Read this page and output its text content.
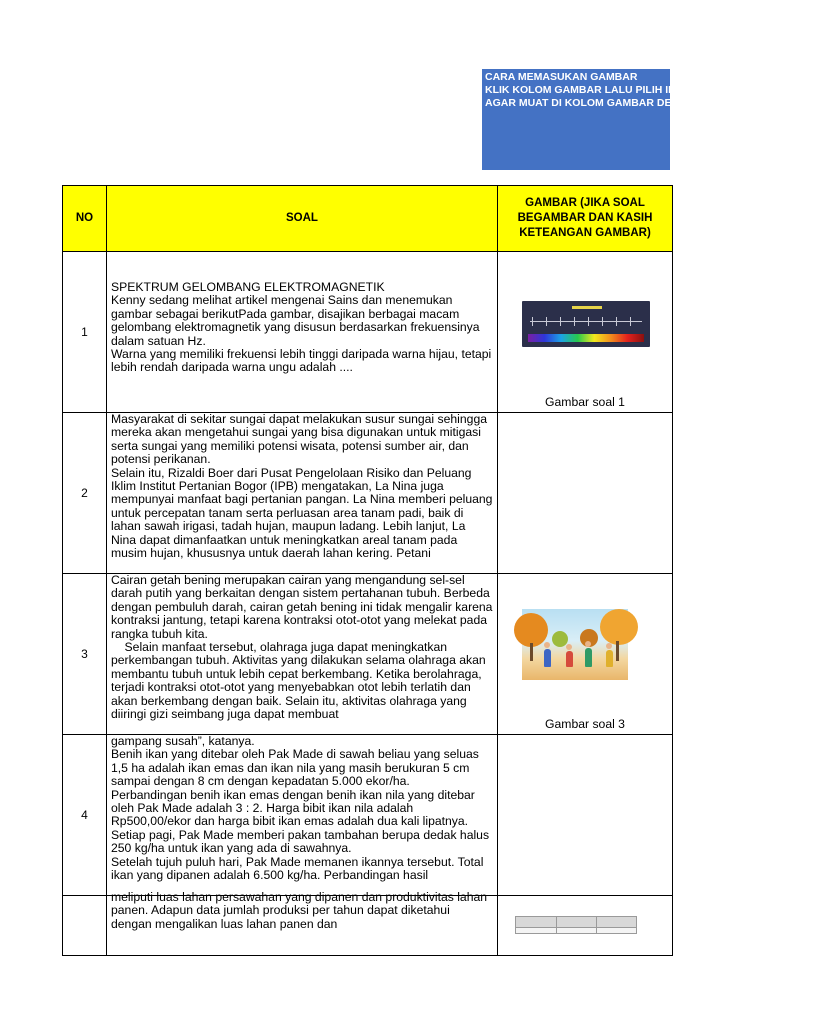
CARA MEMASUKAN GAMBAR
KLIK KOLOM GAMBAR LALU PILIH INSERT - PICTURE
AGAR MUAT DI KOLOM GAMBAR DENGAN UKURAN YANG SESUAI
NO	SOAL	GAMBAR (JIKA SOAL BEGAMBAR DAN KASIH KETEANGAN GAMBAR)
1	SPEKTRUM GELOMBANG ELEKTROMAGNETIK

Kenny sedang melihat artikel mengenai Sains dan menemukan gambar sebagai berikutPada gambar, disajikan berbagai macam gelombang elektromagnetik yang disusun berdasarkan frekuensinya dalam satuan Hz.

Warna yang memiliki frekuensi lebih tinggi daripada warna hijau, tetapi lebih rendah daripada warna ungu adalah ....	Gambar soal 1

2	Masyarakat di sekitar sungai dapat melakukan susur sungai sehingga mereka akan mengetahui sungai yang bisa digunakan untuk mitigasi serta sungai yang memiliki potensi wisata, potensi sumber air, dan potensi perikanan.

Selain itu, Rizaldi Boer dari Pusat Pengelolaan Risiko dan Peluang Iklim Institut Pertanian Bogor (IPB) mengatakan, La Nina juga mempunyai manfaat bagi pertanian pangan. La Nina memberi peluang untuk percepatan tanam serta perluasan area tanam padi, baik di lahan sawah irigasi, tadah hujan, maupun ladang. Lebih lanjut, La Nina dapat dimanfaatkan untuk meningkatkan areal tanam pada musim hujan, khususnya untuk daerah lahan kering. Petani	

3	Cairan getah bening merupakan cairan yang mengandung sel-sel darah putih yang berkaitan dengan sistem pertahanan tubuh. Berbeda dengan pembuluh darah, cairan getah bening ini tidak mengalir karena kontraksi jantung, tetapi karena kontraksi otot-otot yang melekat pada rangka tubuh kita.

Selain manfaat tersebut, olahraga juga dapat meningkatkan perkembangan tubuh. Aktivitas yang dilakukan selama olahraga akan membantu tubuh untuk lebih cepat berkembang. Ketika berolahraga, terjadi kontraksi otot-otot yang menyebabkan otot lebih terlatih dan akan berkembang dengan baik. Selain itu, aktivitas olahraga yang diiringi gizi seimbang juga dapat membuat	Gambar soal 3

4	gampang susah”, katanya.

Benih ikan yang ditebar oleh Pak Made di sawah beliau yang seluas 1,5 ha adalah ikan emas dan ikan nila yang masih berukuran 5 cm sampai dengan 8 cm dengan kepadatan 5.000 ekor/ha.

Perbandingan benih ikan emas dengan benih ikan nila yang ditebar oleh Pak Made adalah 3 : 2. Harga bibit ikan nila adalah Rp500,00/ekor dan harga bibit ikan emas adalah dua kali lipatnya.

Setiap pagi, Pak Made memberi pakan tambahan berupa dedak halus 250 kg/ha untuk ikan yang ada di sawahnya.

Setelah tujuh puluh hari, Pak Made memanen ikannya tersebut. Total ikan yang dipanen adalah 6.500 kg/ha. Perbandingan hasil	

	meliputi luas lahan persawahan yang dipanen dan produktivitas lahan panen. Adapun data jumlah produksi per tahun dapat diketahui dengan mengalikan luas lahan panen dan	
